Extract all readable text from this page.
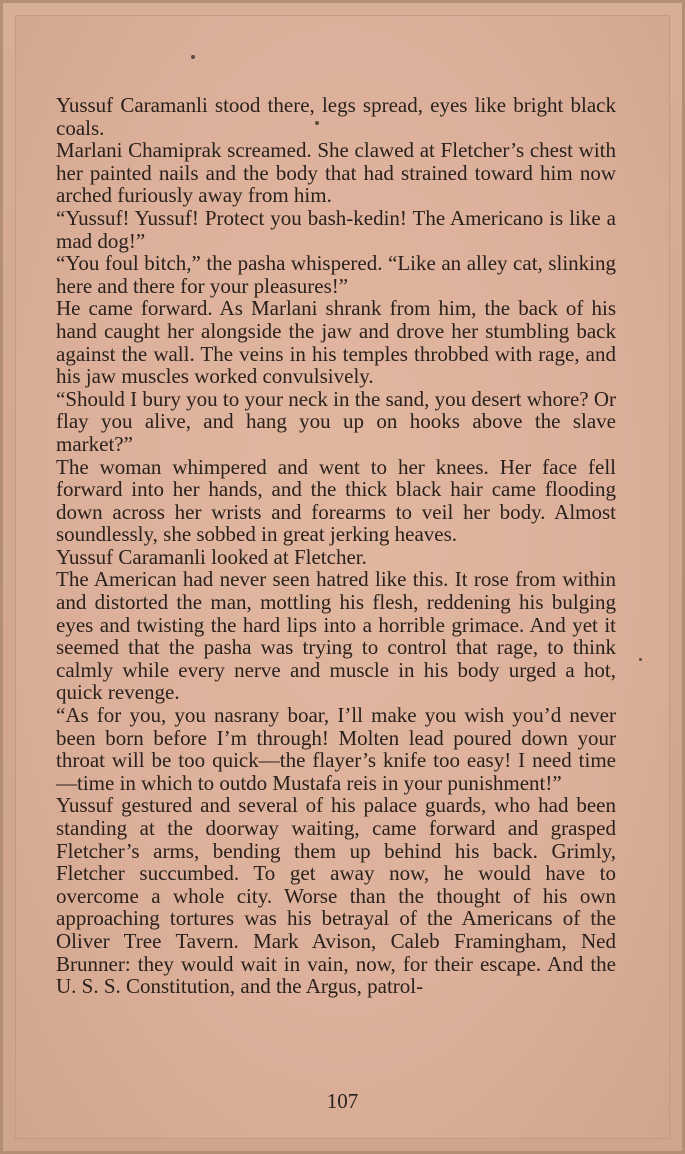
Yussuf Caramanli stood there, legs spread, eyes like bright black coals.

Marlani Chamiprak screamed. She clawed at Fletcher’s chest with her painted nails and the body that had strained toward him now arched furiously away from him.

“Yussuf! Yussuf! Protect you bash-kedin! The Americano is like a mad dog!”

“You foul bitch,” the pasha whispered. “Like an alley cat, slinking here and there for your pleasures!”

He came forward. As Marlani shrank from him, the back of his hand caught her alongside the jaw and drove her stumbling back against the wall. The veins in his temples throbbed with rage, and his jaw muscles worked convulsively.

“Should I bury you to your neck in the sand, you desert whore? Or flay you alive, and hang you up on hooks above the slave market?”

The woman whimpered and went to her knees. Her face fell forward into her hands, and the thick black hair came flooding down across her wrists and forearms to veil her body. Almost soundlessly, she sobbed in great jerking heaves.

Yussuf Caramanli looked at Fletcher.

The American had never seen hatred like this. It rose from within and distorted the man, mottling his flesh, reddening his bulging eyes and twisting the hard lips into a horrible grimace. And yet it seemed that the pasha was trying to control that rage, to think calmly while every nerve and muscle in his body urged a hot, quick revenge.

“As for you, you nasrany boar, I’ll make you wish you’d never been born before I’m through! Molten lead poured down your throat will be too quick—the flayer’s knife too easy! I need time—time in which to outdo Mustafa reis in your punishment!”

Yussuf gestured and several of his palace guards, who had been standing at the doorway waiting, came forward and grasped Fletcher’s arms, bending them up behind his back. Grimly, Fletcher succumbed. To get away now, he would have to overcome a whole city. Worse than the thought of his own approaching tortures was his betrayal of the Americans of the Oliver Tree Tavern. Mark Avison, Caleb Framingham, Ned Brunner: they would wait in vain, now, for their escape. And the U. S. S. Constitution, and the Argus, patrol-

107
